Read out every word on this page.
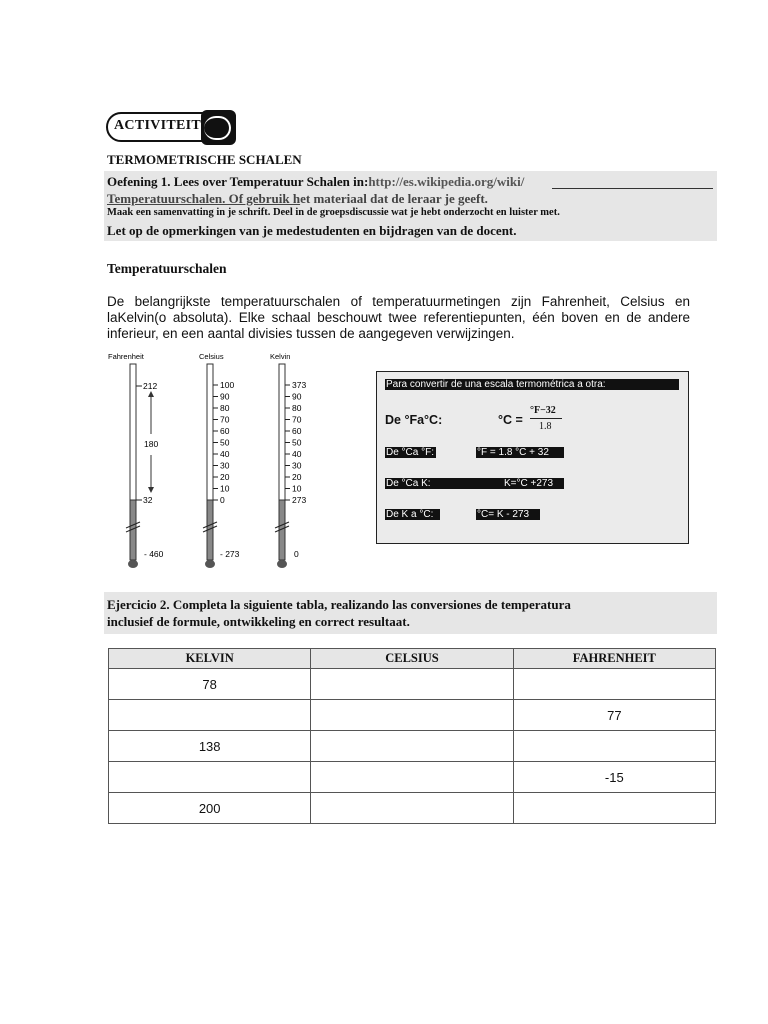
ACTIVITEIT
TERMOMETRISCHE SCHALEN
Oefening 1. Lees over Temperatuur Schalen in:http://es.wikipedia.org/wiki/
Temperatuurschalen. Of gebruik het materiaal dat de leraar je geeft.
Maak een samenvatting in je schrift. Deel in de groepsdiscussie wat je hebt onderzocht en luister met.
Let op de opmerkingen van je medestudenten en bijdragen van de docent.
Temperatuurschalen
De belangrijkste temperatuurschalen of temperatuurmetingen zijn Fahrenheit, Celsius en laKelvin(o absoluta). Elke schaal beschouwt twee referentiepunten, één boven en de andere inferieur, en een aantal divisies tussen de aangegeven verwijzingen.
Fahrenheit
212
180
32
- 460
Celsius
100
90
80
70
60
50
40
30
20
10
0
- 273
Kelvin
373
90
80
70
60
50
40
30
20
10
273
0
Para convertir de una escala termométrica a otra:
De °Fa°C:	°C =
°F−32
1.8
De °Ca °F:	°F = 1.8 °C + 32
De °Ca K:	K=°C +273
De K a °C:	°C= K - 273
Ejercicio 2. Completa la siguiente tabla, realizando las conversiones de temperatura
inclusief de formule, ontwikkeling en correct resultaat.
KELVIN	CELSIUS	FAHRENHEIT
78		
		77
138		
		-15
200		
